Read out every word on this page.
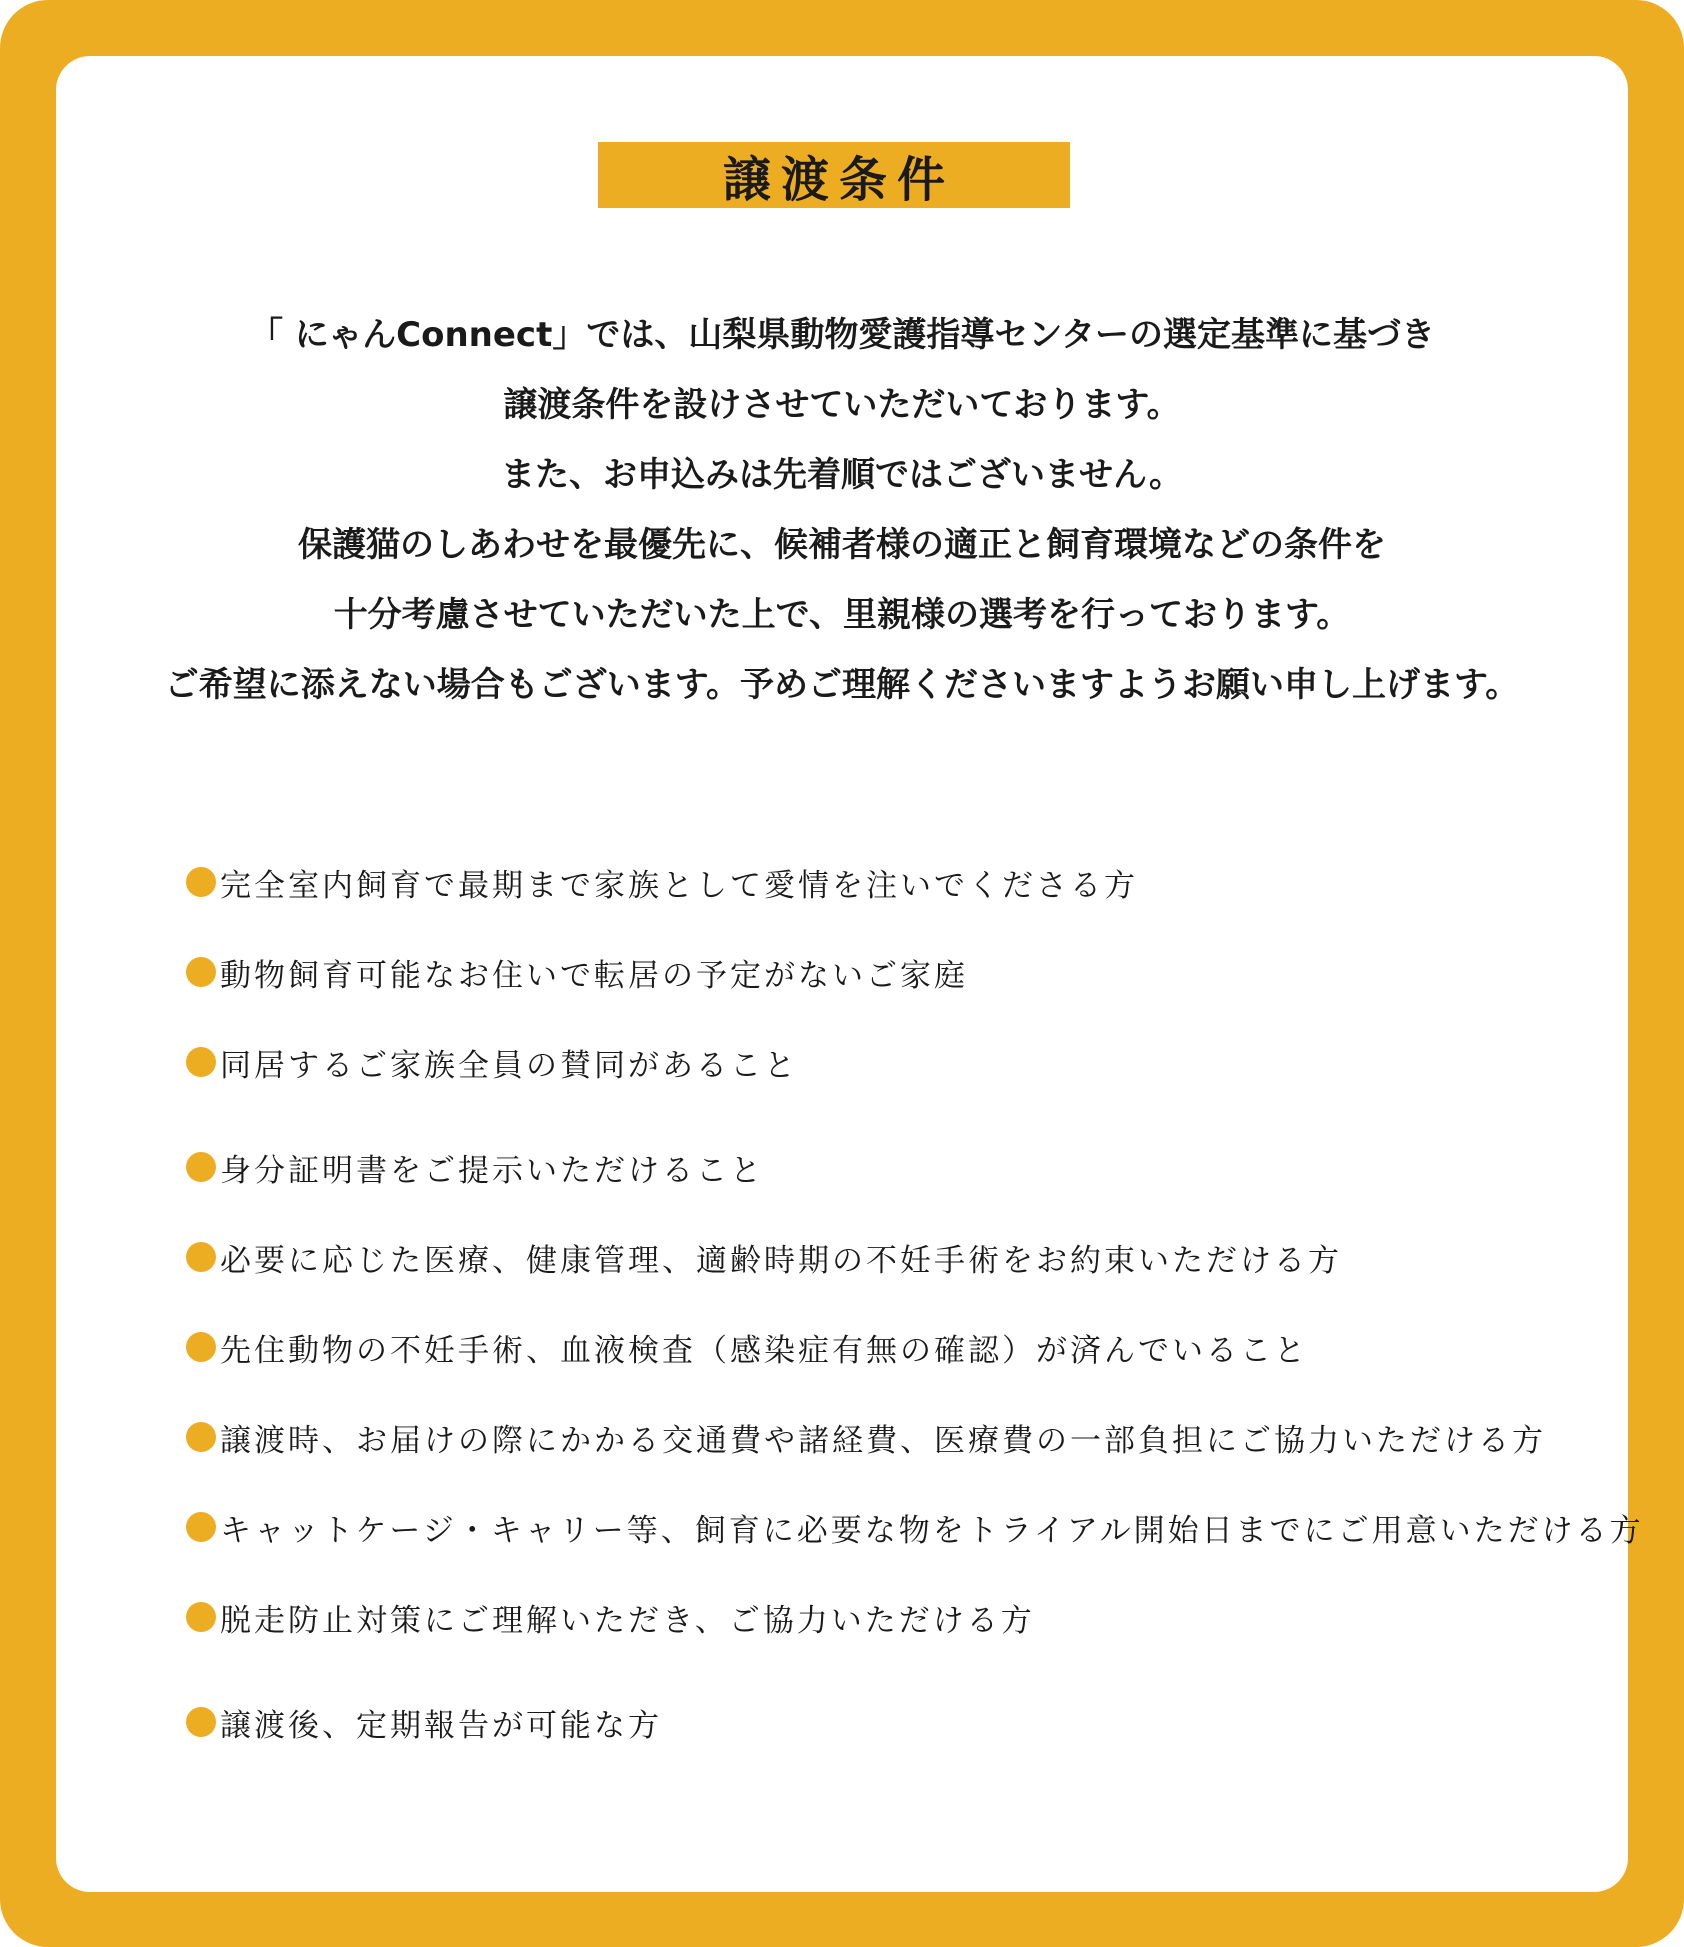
譲渡条件
「 にゃんConnect」では、山梨県動物愛護指導センターの選定基準に基づき
譲渡条件を設けさせていただいております。
また、お申込みは先着順ではございません。
保護猫のしあわせを最優先に、候補者様の適正と飼育環境などの条件を
十分考慮させていただいた上で、里親様の選考を行っております。
ご希望に添えない場合もございます。予めご理解くださいますようお願い申し上げます。
完全室内飼育で最期まで家族として愛情を注いでくださる方
動物飼育可能なお住いで転居の予定がないご家庭
同居するご家族全員の賛同があること
身分証明書をご提示いただけること
必要に応じた医療、健康管理、適齢時期の不妊手術をお約束いただける方
先住動物の不妊手術、血液検査（感染症有無の確認）が済んでいること
譲渡時、お届けの際にかかる交通費や諸経費、医療費の一部負担にご協力いただける方
キャットケージ・キャリー等、飼育に必要な物をトライアル開始日までにご用意いただける方
脱走防止対策にご理解いただき、ご協力いただける方
譲渡後、定期報告が可能な方
